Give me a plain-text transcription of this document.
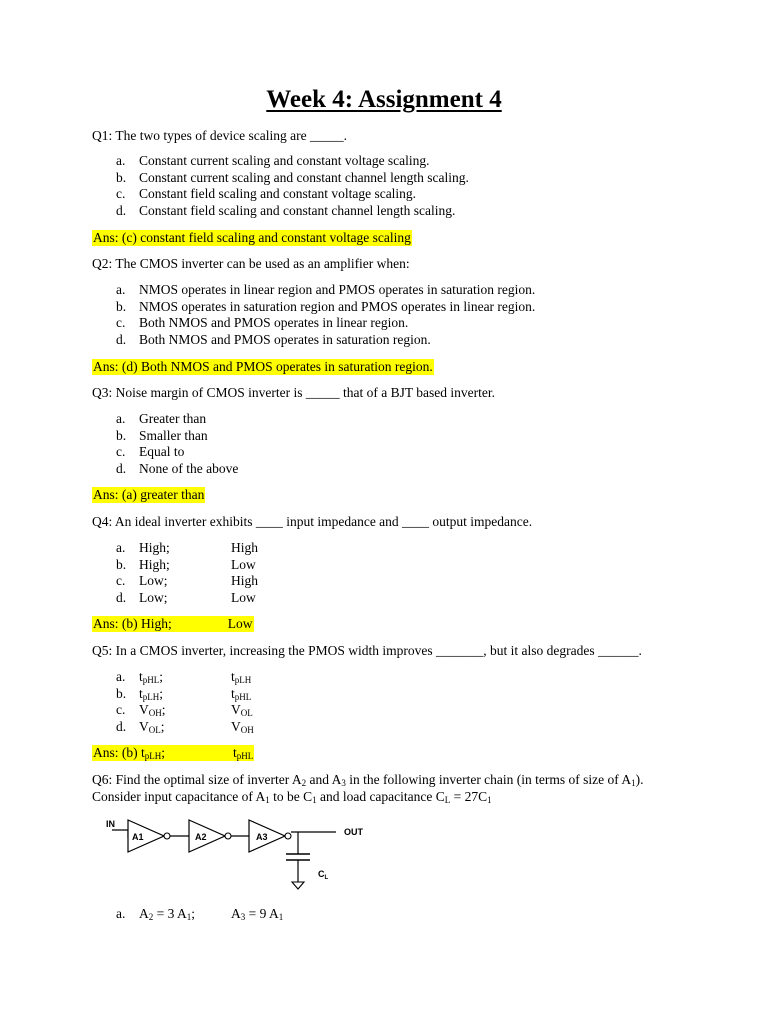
Week 4: Assignment 4
Q1: The two types of device scaling are _____.
a.	Constant current scaling and constant voltage scaling.
b. Constant current scaling and constant channel length scaling.
c.	Constant field scaling and constant voltage scaling.
d. Constant field scaling and constant channel length scaling.
Ans: (c) constant field scaling and constant voltage scaling
Q2: The CMOS inverter can be used as an amplifier when:
a.	NMOS operates in linear region and PMOS operates in saturation region.
b. NMOS operates in saturation region and PMOS operates in linear region.
c.	Both NMOS and PMOS operates in linear region.
d. Both NMOS and PMOS operates in saturation region.
Ans: (d) Both NMOS and PMOS operates in saturation region.
Q3: Noise margin of CMOS inverter is _____ that of a BJT based inverter.
a.	Greater than
b. Smaller than
c.	Equal to
d. None of the above
Ans: (a) greater than
Q4: An ideal inverter exhibits ____ input impedance and ____ output impedance.
a.	High;	High
b. High;	Low
c.	Low;	High
d. Low;	Low
Ans: (b) High;	Low
Q5: In a CMOS inverter, increasing the PMOS width improves _______, but it also degrades ______.
a.	$t_{pHL}$;	$t_{pLH}$
b. $t_{pLH}$;	$t_{pHL}$
c.	$V_{OH}$;	$V_{OL}$
d. $V_{OL}$;	$V_{OH}$
Ans: (b) $t_{pLH}$;	$t_{pHL}$
Q6: Find the optimal size of inverter $A_2$ and $A_3$ in the following inverter chain (in terms of size of $A_1$).
Consider input capacitance of $A_1$ to be $C_1$ and load capacitance $C_L = 27C_1$
IN
A1	A2	A3	OUT
$C_L$
a.	$A_2 = 3$ $A_1$;	$A_3 = 9$ $A_1$
